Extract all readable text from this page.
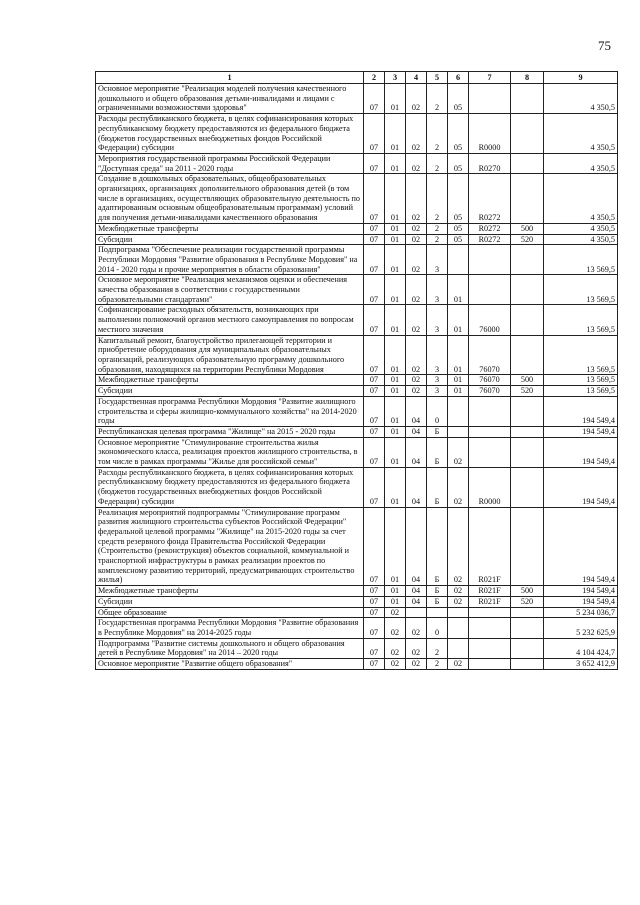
75
1	2	3	4	5	6	7	8	9
Основное мероприятие "Реализация моделей получения качественного дошкольного и общего образования детьми-инвалидами и лицами с ограниченными возможностями здоровья"	07	01	02	2	05			4 350,5
Расходы республиканского бюджета, в целях софинансирования которых республиканскому бюджету предоставляются из федерального бюджета (бюджетов государственных внебюджетных фондов Российской Федерации) субсидии	07	01	02	2	05	R0000		4 350,5
Мероприятия государственной программы Российской Федерации "Доступная среда" на 2011 - 2020 годы	07	01	02	2	05	R0270		4 350,5
Создание в дошкольных образовательных, общеобразовательных организациях, организациях дополнительного образования детей (в том числе в организациях, осуществляющих образовательную деятельность по адаптированным основным общеобразовательным программам) условий для получения детьми-инвалидами качественного образования	07	01	02	2	05	R0272		4 350,5
Межбюджетные трансферты	07	01	02	2	05	R0272	500	4 350,5
Субсидии	07	01	02	2	05	R0272	520	4 350,5
Подпрограмма "Обеспечение реализации государственной программы Республики Мордовия "Развитие образования в Республике Мордовия" на 2014 - 2020 годы и прочие мероприятия в области образования"	07	01	02	3				13 569,5
Основное мероприятие "Реализация механизмов оценки и обеспечения качества образования в соответствии с государственными образовательными стандартами"	07	01	02	3	01			13 569,5
Софинансирование расходных обязательств, возникающих при выполнении полномочий органов местного самоуправления по вопросам местного значения	07	01	02	3	01	76000		13 569,5
Капитальный ремонт, благоустройство прилегающей территории и приобретение оборудования для муниципальных образовательных организаций, реализующих образовательную программу дошкольного образования, находящихся на территории Республики Мордовия	07	01	02	3	01	76070		13 569,5
Межбюджетные трансферты	07	01	02	3	01	76070	500	13 569,5
Субсидии	07	01	02	3	01	76070	520	13 569,5
Государственная программа Республики Мордовия "Развитие жилищного строительства и сферы жилищно-коммунального хозяйства" на 2014-2020 годы	07	01	04	0				194 549,4
Республиканская целевая программа "Жилище" на 2015 - 2020 годы	07	01	04	Б				194 549,4
Основное мероприятие "Стимулирование строительства жилья экономического класса, реализация проектов жилищного строительства, в том числе в рамках программы "Жилье для российской семьи"	07	01	04	Б	02			194 549,4
Расходы республиканского бюджета, в целях софинансирования которых республиканскому бюджету предоставляются из федерального бюджета (бюджетов государственных внебюджетных фондов Российской Федерации) субсидии	07	01	04	Б	02	R0000		194 549,4
Реализация мероприятий подпрограммы "Стимулирование программ развития жилищного строительства субъектов Российской Федерации" федеральной целевой программы "Жилище" на 2015-2020 годы за счет средств резервного фонда Правительства Российской Федерации (Строительство (реконструкция) объектов социальной, коммунальной и транспортной инфраструктуры в рамках реализации проектов по комплексному развитию территорий, предусматривающих строительство жилья)	07	01	04	Б	02	R021F		194 549,4
Межбюджетные трансферты	07	01	04	Б	02	R021F	500	194 549,4
Субсидии	07	01	04	Б	02	R021F	520	194 549,4
Общее образование	07	02						5 234 036,7
Государственная программа Республики Мордовия "Развитие образования в Республике Мордовия" на 2014-2025 годы	07	02	02	0				5 232 625,9
Подпрограмма "Развитие системы дошкольного и общего образования детей в Республике Мордовия" на 2014 – 2020 годы	07	02	02	2				4 104 424,7
Основное мероприятие "Развитие общего образования"	07	02	02	2	02			3 652 412,9
